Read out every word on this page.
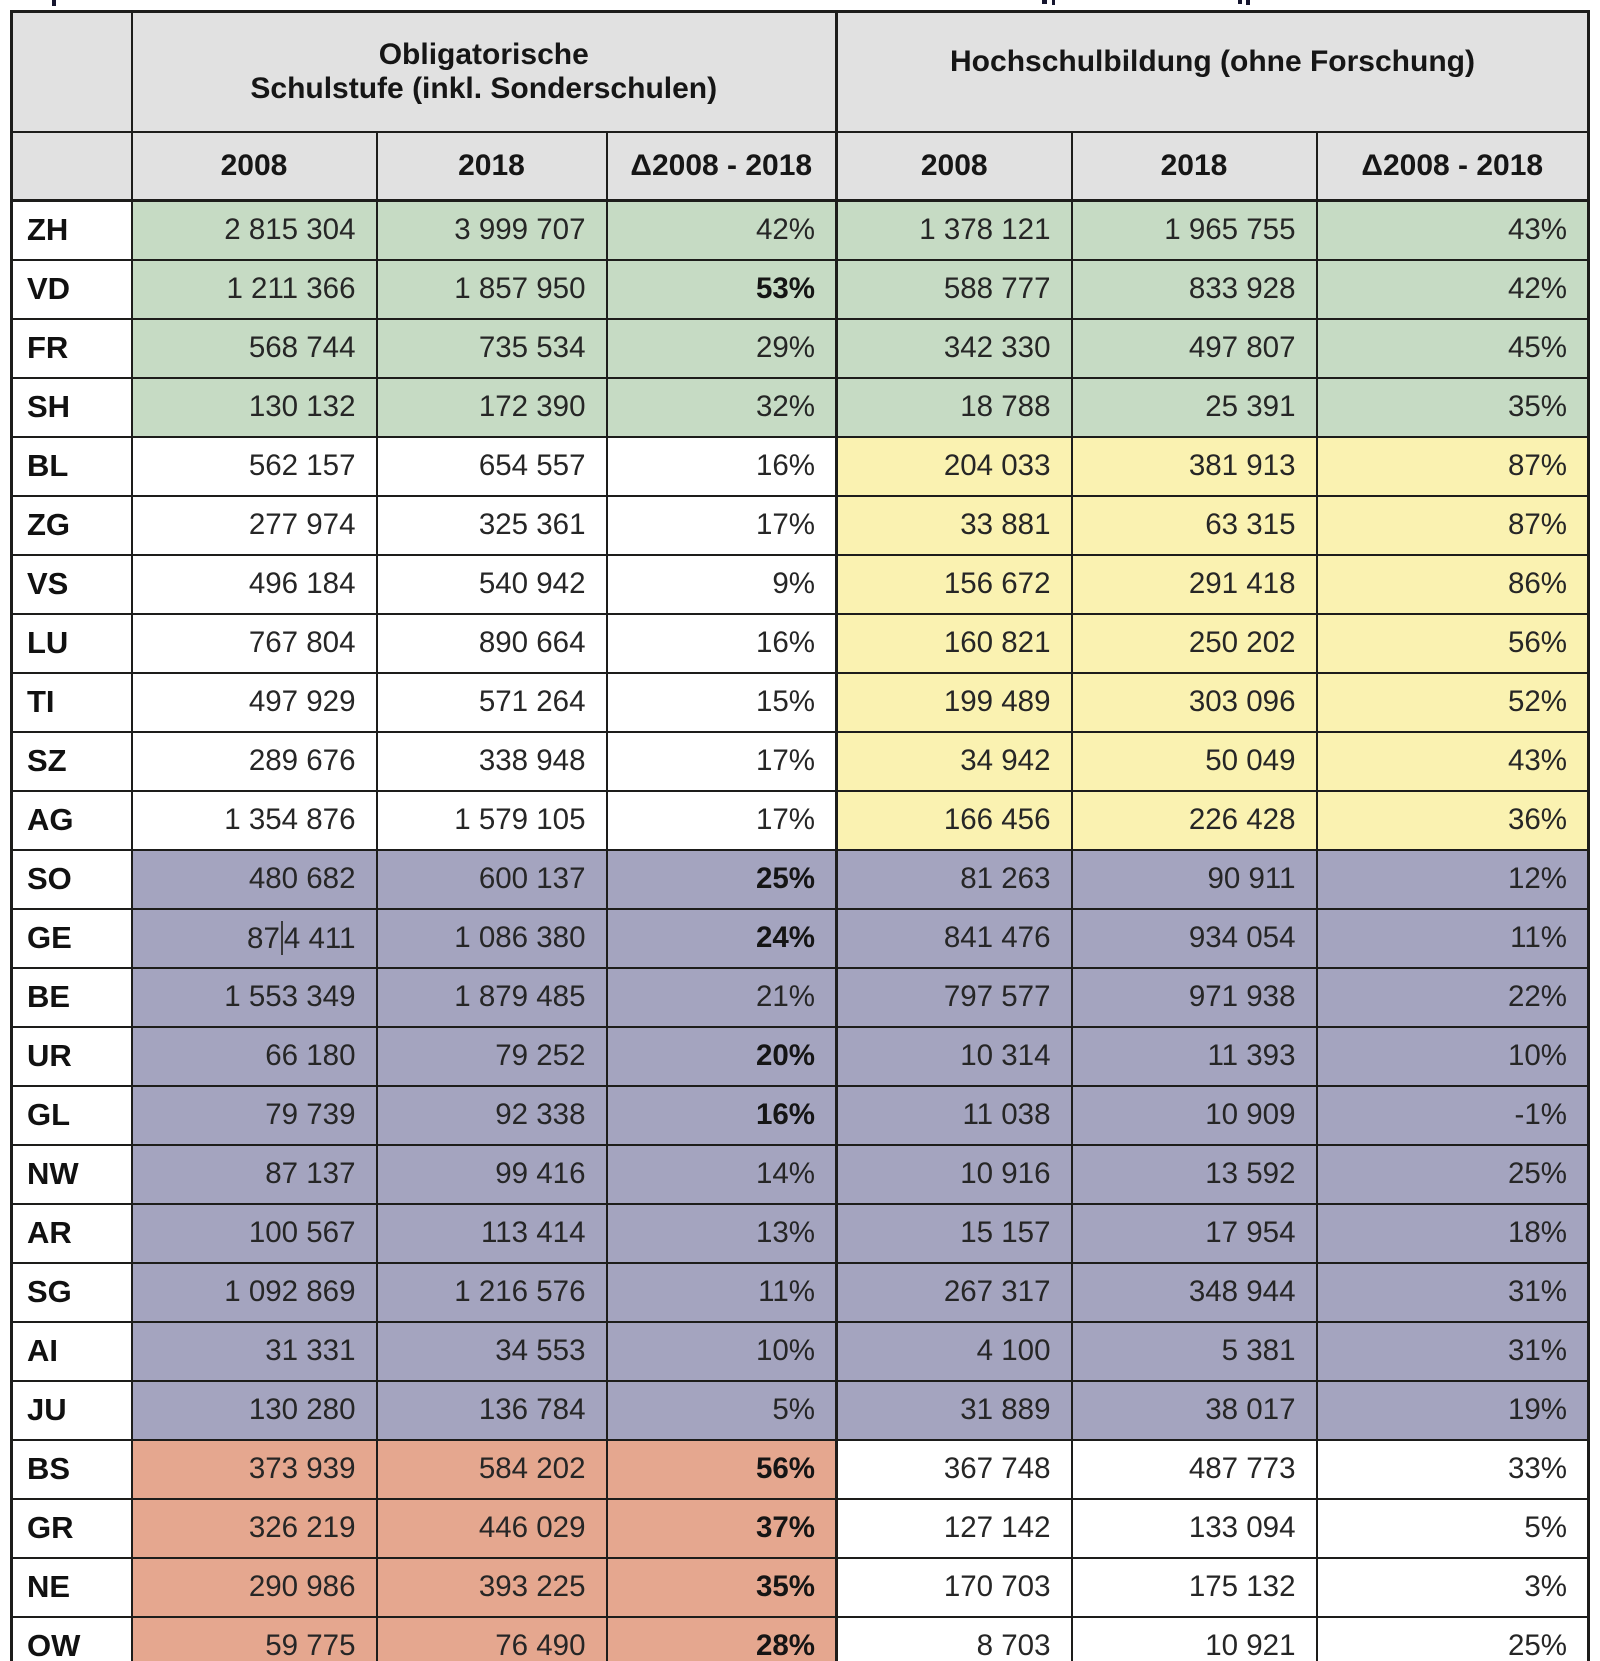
	Obligatorische
Schulstufe (inkl. Sonderschulen)			Hochschulbildung (ohne Forschung)		
	2008	2018	Δ2008 - 2018	2008	2018	Δ2008 - 2018
ZH	2 815 304	3 999 707	42%	1 378 121	1 965 755	43%
VD	1 211 366	1 857 950	53%	588 777	833 928	42%
FR	568 744	735 534	29%	342 330	497 807	45%
SH	130 132	172 390	32%	18 788	25 391	35%
BL	562 157	654 557	16%	204 033	381 913	87%
ZG	277 974	325 361	17%	33 881	63 315	87%
VS	496 184	540 942	9%	156 672	291 418	86%
LU	767 804	890 664	16%	160 821	250 202	56%
TI	497 929	571 264	15%	199 489	303 096	52%
SZ	289 676	338 948	17%	34 942	50 049	43%
AG	1 354 876	1 579 105	17%	166 456	226 428	36%
SO	480 682	600 137	25%	81 263	90 911	12%
GE	87 4 411	1 086 380	24%	841 476	934 054	11%
BE	1 553 349	1 879 485	21%	797 577	971 938	22%
UR	66 180	79 252	20%	10 314	11 393	10%
GL	79 739	92 338	16%	11 038	10 909	-1%
NW	87 137	99 416	14%	10 916	13 592	25%
AR	100 567	113 414	13%	15 157	17 954	18%
SG	1 092 869	1 216 576	11%	267 317	348 944	31%
AI	31 331	34 553	10%	4 100	5 381	31%
JU	130 280	136 784	5%	31 889	38 017	19%
BS	373 939	584 202	56%	367 748	487 773	33%
GR	326 219	446 029	37%	127 142	133 094	5%
NE	290 986	393 225	35%	170 703	175 132	3%
OW	59 775	76 490	28%	8 703	10 921	25%
